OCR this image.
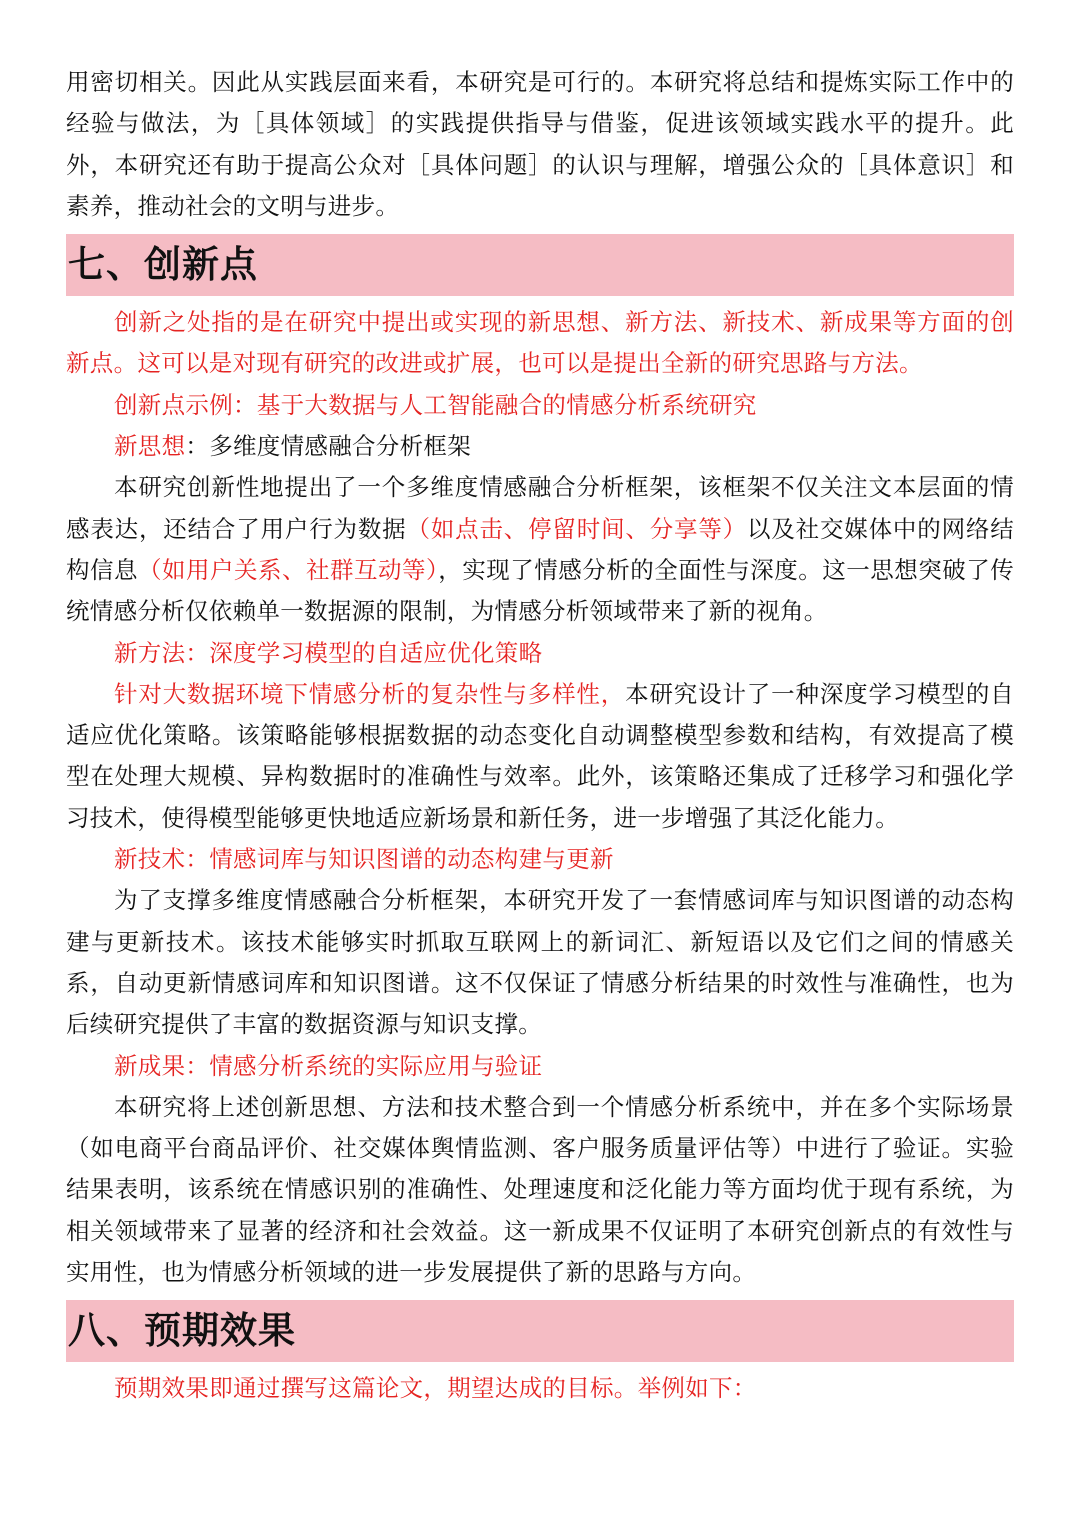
用密切相关。因此从实践层面来看，本研究是可行的。本研究将总结和提炼实际工作中的经验与做法，为［具体领域］的实践提供指导与借鉴，促进该领域实践水平的提升。此外，本研究还有助于提高公众对［具体问题］的认识与理解，增强公众的［具体意识］和素养，推动社会的文明与进步。

七、创新点

创新之处指的是在研究中提出或实现的新思想、新方法、新技术、新成果等方面的创新点。这可以是对现有研究的改进或扩展，也可以是提出全新的研究思路与方法。

创新点示例：基于大数据与人工智能融合的情感分析系统研究

新思想：多维度情感融合分析框架

本研究创新性地提出了一个多维度情感融合分析框架，该框架不仅关注文本层面的情感表达，还结合了用户行为数据（如点击、停留时间、分享等）以及社交媒体中的网络结构信息（如用户关系、社群互动等），实现了情感分析的全面性与深度。这一思想突破了传统情感分析仅依赖单一数据源的限制，为情感分析领域带来了新的视角。

新方法：深度学习模型的自适应优化策略

针对大数据环境下情感分析的复杂性与多样性，本研究设计了一种深度学习模型的自适应优化策略。该策略能够根据数据的动态变化自动调整模型参数和结构，有效提高了模型在处理大规模、异构数据时的准确性与效率。此外，该策略还集成了迁移学习和强化学习技术，使得模型能够更快地适应新场景和新任务，进一步增强了其泛化能力。

新技术：情感词库与知识图谱的动态构建与更新

为了支撑多维度情感融合分析框架，本研究开发了一套情感词库与知识图谱的动态构建与更新技术。该技术能够实时抓取互联网上的新词汇、新短语以及它们之间的情感关系，自动更新情感词库和知识图谱。这不仅保证了情感分析结果的时效性与准确性，也为后续研究提供了丰富的数据资源与知识支撑。

新成果：情感分析系统的实际应用与验证

本研究将上述创新思想、方法和技术整合到一个情感分析系统中，并在多个实际场景（如电商平台商品评价、社交媒体舆情监测、客户服务质量评估等）中进行了验证。实验结果表明，该系统在情感识别的准确性、处理速度和泛化能力等方面均优于现有系统，为相关领域带来了显著的经济和社会效益。这一新成果不仅证明了本研究创新点的有效性与实用性，也为情感分析领域的进一步发展提供了新的思路与方向。

八、预期效果

预期效果即通过撰写这篇论文，期望达成的目标。举例如下：
